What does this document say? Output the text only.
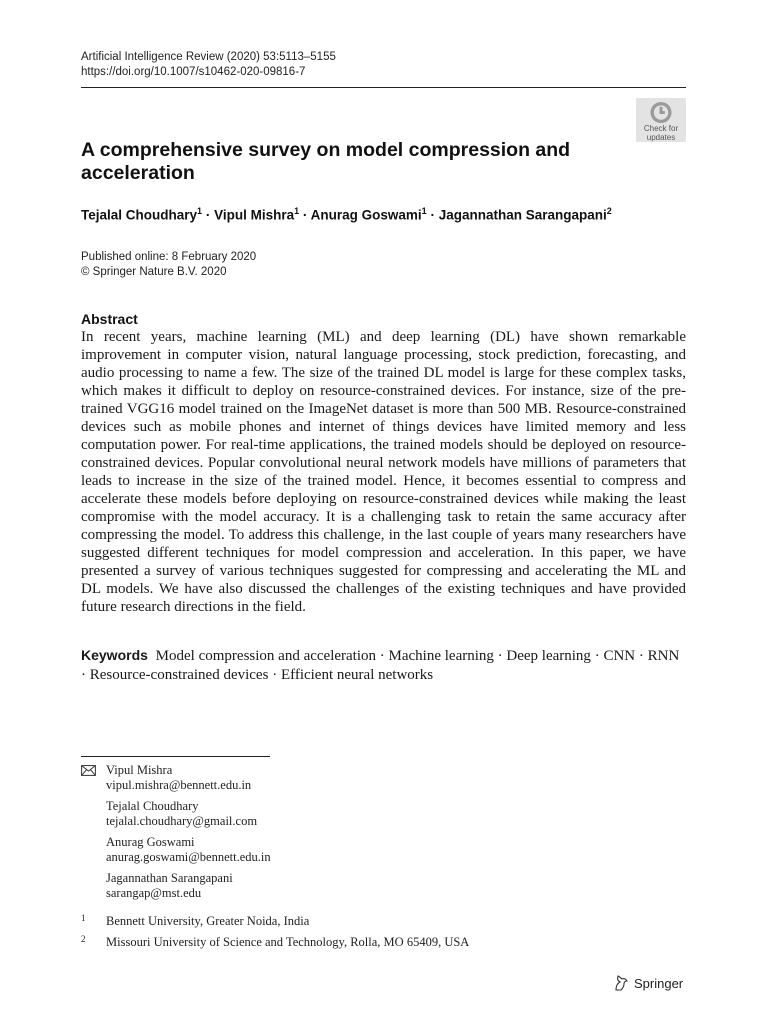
Artificial Intelligence Review (2020) 53:5113–5155
https://doi.org/10.1007/s10462-020-09816-7
Check for
updates
A comprehensive survey on model compression and acceleration
Tejalal Choudhary$^1$ · Vipul Mishra$^1$ · Anurag Goswami$^1$ · Jagannathan Sarangapani$^2$
Published online: 8 February 2020
© Springer Nature B.V. 2020
Abstract

In recent years, machine learning (ML) and deep learning (DL) have shown remarkable improvement in computer vision, natural language processing, stock prediction, forecasting, and audio processing to name a few. The size of the trained DL model is large for these complex tasks, which makes it difficult to deploy on resource-constrained devices. For instance, size of the pre-trained VGG16 model trained on the ImageNet dataset is more than 500 MB. Resource-constrained devices such as mobile phones and internet of things devices have limited memory and less computation power. For real-time applications, the trained models should be deployed on resource-constrained devices. Popular convolutional neural network models have millions of parameters that leads to increase in the size of the trained model. Hence, it becomes essential to compress and accelerate these models before deploying on resource-constrained devices while making the least compromise with the model accuracy. It is a challenging task to retain the same accuracy after compressing the model. To address this challenge, in the last couple of years many researchers have suggested different techniques for model compression and acceleration. In this paper, we have presented a survey of various techniques suggested for compressing and accelerating the ML and DL models. We have also discussed the challenges of the existing techniques and have provided future research directions in the field.

Keywords Model compression and acceleration · Machine learning · Deep learning · CNN · RNN · Resource-constrained devices · Efficient neural networks
Vipul Mishra
vipul.mishra@bennett.edu.in
Tejalal Choudhary
tejalal.choudhary@gmail.com
Anurag Goswami
anurag.goswami@bennett.edu.in
Jagannathan Sarangapani
sarangap@mst.edu
1 Bennett University, Greater Noida, India
2 Missouri University of Science and Technology, Rolla, MO 65409, USA
Springer
